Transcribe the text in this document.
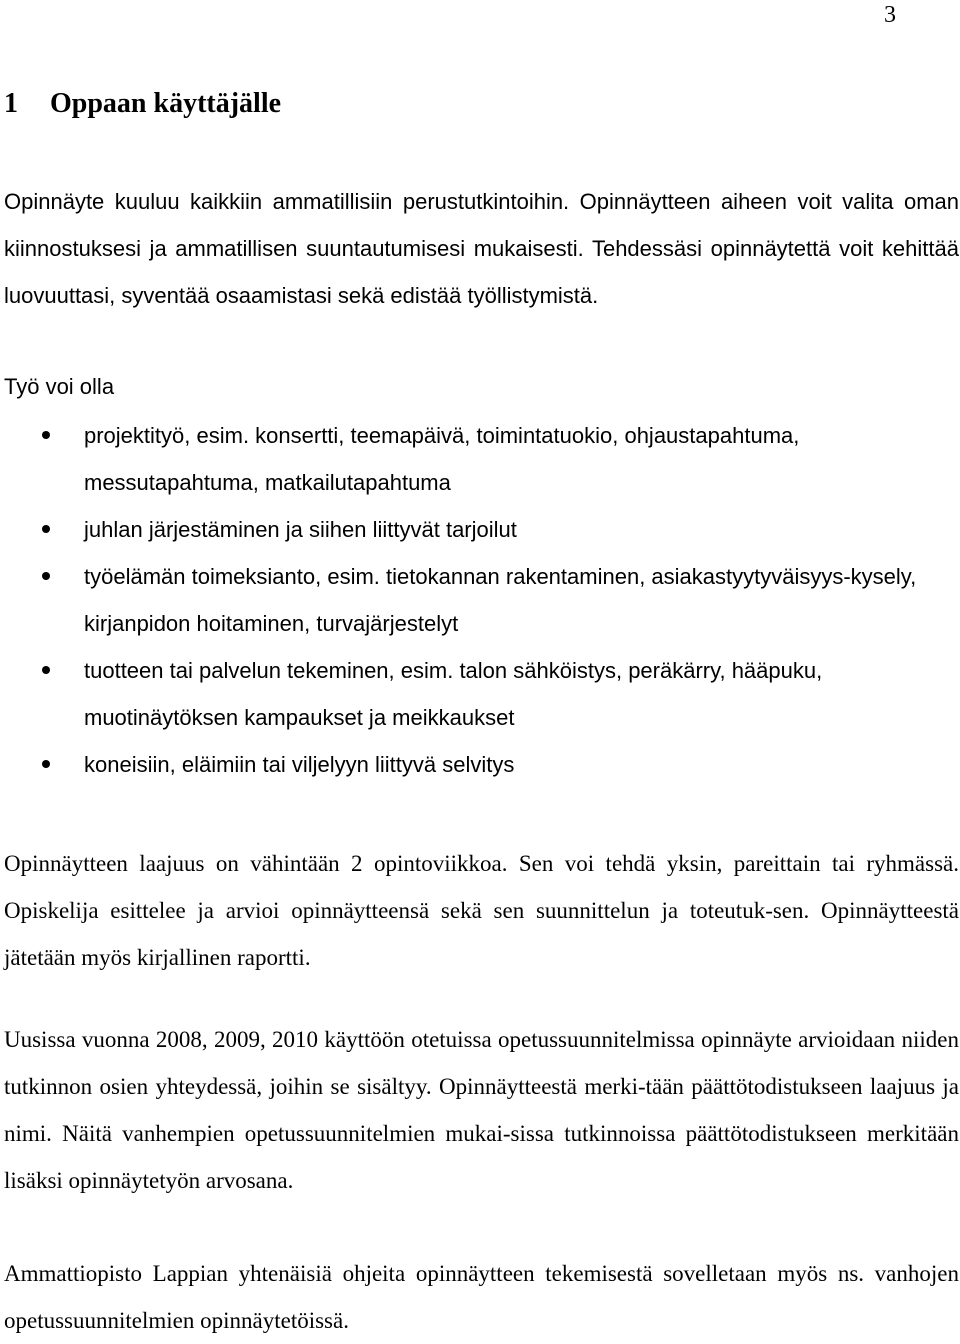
3
1 Oppaan käyttäjälle

Opinnäyte kuuluu kaikkiin ammatillisiin perustutkintoihin. Opinnäytteen aiheen voit valita oman kiinnostuksesi ja ammatillisen suuntautumisesi mukaisesti. Tehdessäsi opinnäytettä voit kehittää luovuuttasi, syventää osaamistasi sekä edistää työllistymistä.

Työ voi olla

projektityö, esim. konsertti, teemapäivä, toimintatuokio, ohjaustapahtuma, messutapahtuma, matkailutapahtuma
juhlan järjestäminen ja siihen liittyvät tarjoilut
työelämän toimeksianto, esim. tietokannan rakentaminen, asiakastyytyväisyys-kysely, kirjanpidon hoitaminen, turvajärjestelyt
tuotteen tai palvelun tekeminen, esim. talon sähköistys, peräkärry, hääpuku, muotinäytöksen kampaukset ja meikkaukset
koneisiin, eläimiin tai viljelyyn liittyvä selvitys

Opinnäytteen laajuus on vähintään 2 opintoviikkoa. Sen voi tehdä yksin, pareittain tai ryhmässä. Opiskelija esittelee ja arvioi opinnäytteensä sekä sen suunnittelun ja toteutuk-sen. Opinnäytteestä jätetään myös kirjallinen raportti.

Uusissa vuonna 2008, 2009, 2010 käyttöön otetuissa opetussuunnitelmissa opinnäyte arvioidaan niiden tutkinnon osien yhteydessä, joihin se sisältyy. Opinnäytteestä merki-tään päättötodistukseen laajuus ja nimi. Näitä vanhempien opetussuunnitelmien mukai-sissa tutkinnoissa päättötodistukseen merkitään lisäksi opinnäytetyön arvosana.

Ammattiopisto Lappian yhtenäisiä ohjeita opinnäytteen tekemisestä sovelletaan myös ns. vanhojen opetussuunnitelmien opinnäytetöissä.
